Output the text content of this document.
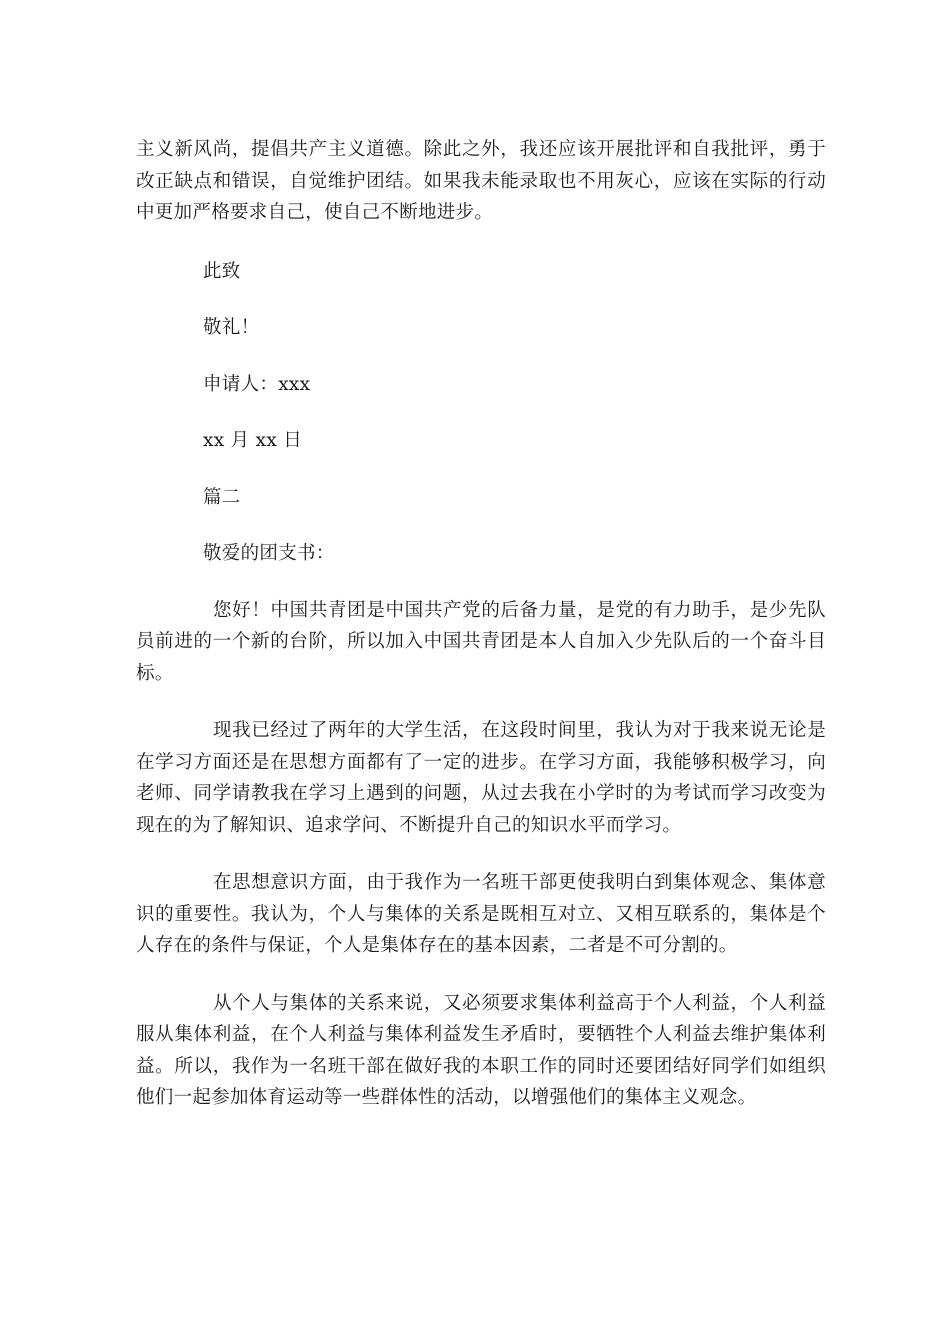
主义新风尚，提倡共产主义道德。除此之外，我还应该开展批评和自我批评，勇于改正缺点和错误，自觉维护团结。如果我未能录取也不用灰心，应该在实际的行动中更加严格要求自己，使自己不断地进步。

此致

敬礼！

申请人：xxx

xx 月 xx 日

篇二

敬爱的团支书：

您好！中国共青团是中国共产党的后备力量，是党的有力助手，是少先队员前进的一个新的台阶，所以加入中国共青团是本人自加入少先队后的一个奋斗目标。

现我已经过了两年的大学生活，在这段时间里，我认为对于我来说无论是在学习方面还是在思想方面都有了一定的进步。在学习方面，我能够积极学习，向老师、同学请教我在学习上遇到的问题，从过去我在小学时的为考试而学习改变为现在的为了解知识、追求学问、不断提升自己的知识水平而学习。

在思想意识方面，由于我作为一名班干部更使我明白到集体观念、集体意识的重要性。我认为，个人与集体的关系是既相互对立、又相互联系的，集体是个人存在的条件与保证，个人是集体存在的基本因素，二者是不可分割的。

从个人与集体的关系来说，又必须要求集体利益高于个人利益，个人利益服从集体利益，在个人利益与集体利益发生矛盾时，要牺牲个人利益去维护集体利益。所以，我作为一名班干部在做好我的本职工作的同时还要团结好同学们如组织他们一起参加体育运动等一些群体性的活动，以增强他们的集体主义观念。
